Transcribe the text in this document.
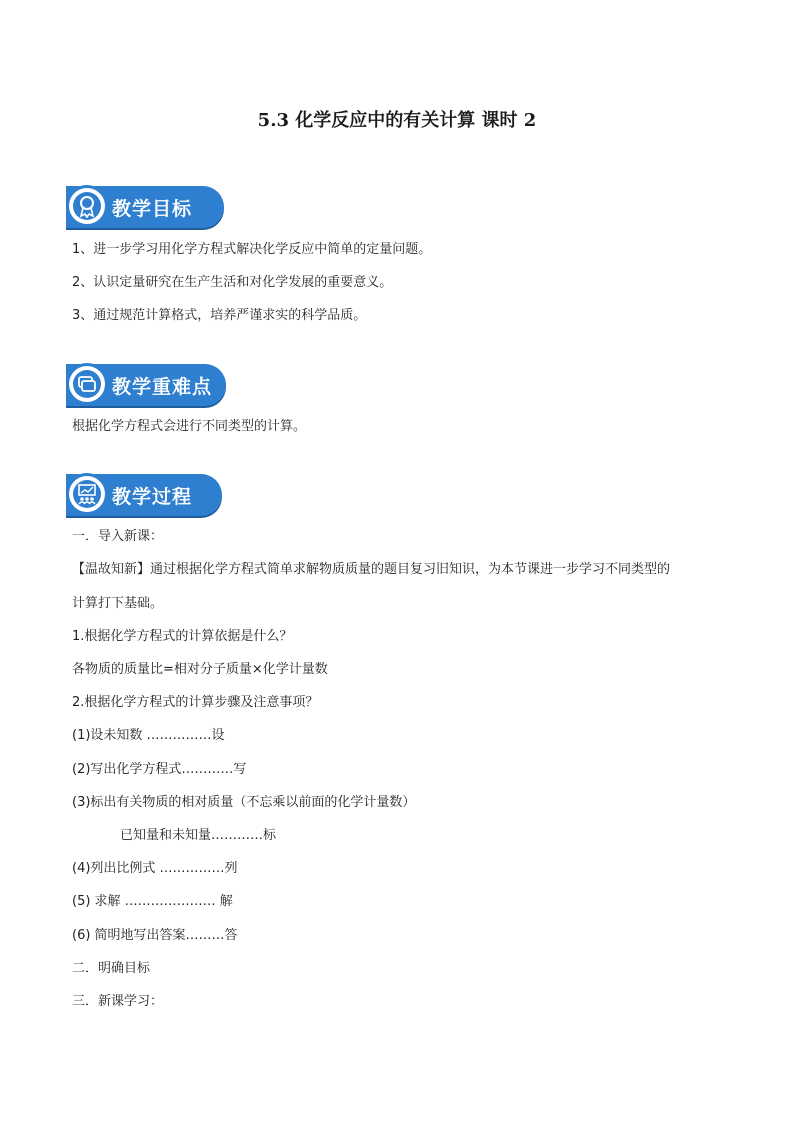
5.3 化学反应中的有关计算 课时 2
教学目标
1、进一步学习用化学方程式解决化学反应中简单的定量问题。
2、认识定量研究在生产生活和对化学发展的重要意义。
3、通过规范计算格式，培养严谨求实的科学品质。
教学重难点
根据化学方程式会进行不同类型的计算。
教学过程
一．导入新课：
【温故知新】通过根据化学方程式简单求解物质质量的题目复习旧知识，为本节课进一步学习不同类型的
计算打下基础。
1.根据化学方程式的计算依据是什么？
各物质的质量比=相对分子质量×化学计量数
2.根据化学方程式的计算步骤及注意事项？
(1)设未知数 ……………设
(2)写出化学方程式…………写
(3)标出有关物质的相对质量（不忘乘以前面的化学计量数）
已知量和未知量…………标
(4)列出比例式 ……………列
(5) 求解 ………………… 解
(6) 简明地写出答案………答
二．明确目标
三．新课学习：
